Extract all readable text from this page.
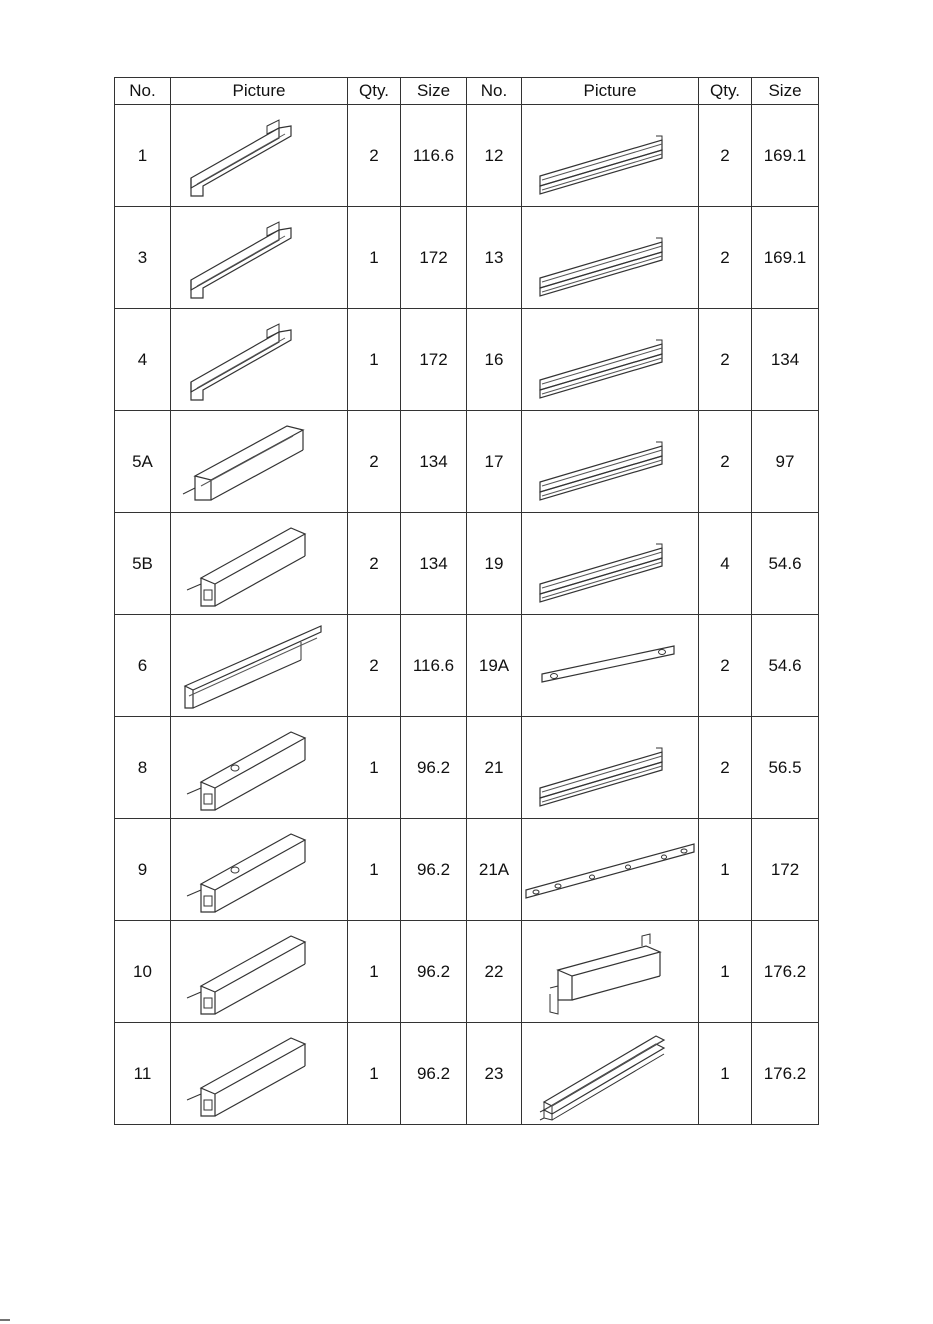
No.	Picture	Qty.	Size	No.	Picture	Qty.	Size
1		2	116.6	12		2	169.1
3		1	172	13		2	169.1
4		1	172	16		2	134
5A		2	134	17		2	97
5B		2	134	19		4	54.6
6		2	116.6	19A		2	54.6
8		1	96.2	21		2	56.5
9		1	96.2	21A		1	172
10		1	96.2	22		1	176.2
11		1	96.2	23		1	176.2
